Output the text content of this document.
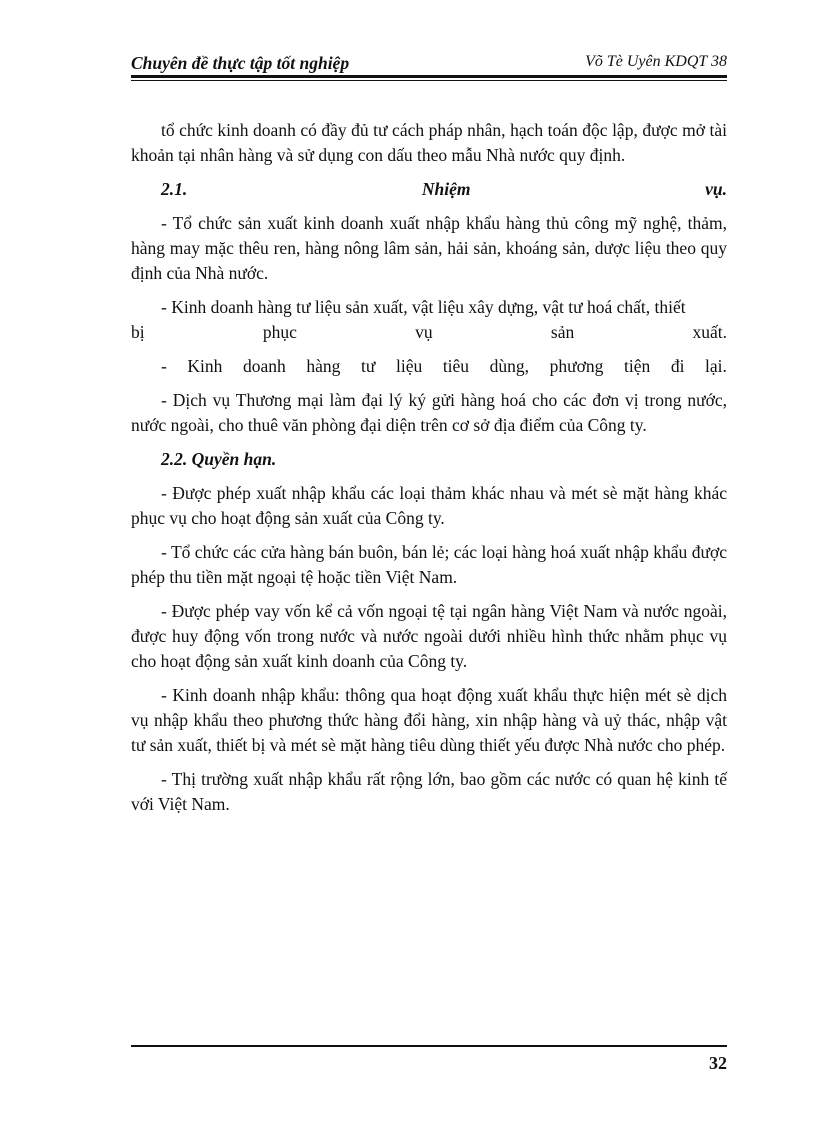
Chuyên đề thực tập tốt nghiệp	Võ Tè Uyên KDQT 38

tổ chức kinh doanh có đầy đủ tư cách pháp nhân, hạch toán độc lập, được mở tài khoản tại nhân hàng và sử dụng con dấu theo mẫu Nhà nước quy định.

2.1.	Nhiệm	vụ.

- Tổ chức sản xuất kinh doanh xuất nhập khẩu hàng thủ công mỹ nghệ, thảm, hàng may mặc thêu ren, hàng nông lâm sản, hải sản, khoáng sản, dược liệu theo quy định của Nhà nước.

- Kinh doanh hàng tư liệu sản xuất, vật liệu xây dựng, vật tư hoá chất, thiết
bị	phục	vụ	sản	xuất.
- Kinh doanh hàng tư liệu tiêu dùng, phương tiện đi lại.

- Dịch vụ Thương mại làm đại lý ký gửi hàng hoá cho các đơn vị trong nước, nước ngoài, cho thuê văn phòng đại diện trên cơ sở địa điểm của Công ty.

2.2. Quyền hạn.

- Được phép xuất nhập khẩu các loại thảm khác nhau và mét sè mặt hàng khác phục vụ cho hoạt động sản xuất của Công ty.

- Tổ chức các cửa hàng bán buôn, bán lẻ; các loại hàng hoá xuất nhập khẩu được phép thu tiền mặt ngoại tệ hoặc tiền Việt Nam.

- Được phép vay vốn kể cả vốn ngoại tệ tại ngân hàng Việt Nam và nước ngoài, được huy động vốn trong nước và nước ngoài dưới nhiều hình thức nhằm phục vụ cho hoạt động sản xuất kinh doanh của Công ty.

- Kinh doanh nhập khẩu: thông qua hoạt động xuất khẩu thực hiện mét sè dịch vụ nhập khẩu theo phương thức hàng đổi hàng, xin nhập hàng và uỷ thác, nhập vật tư sản xuất, thiết bị và mét sè mặt hàng tiêu dùng thiết yếu được Nhà nước cho phép.

- Thị trường xuất nhập khẩu rất rộng lớn, bao gồm các nước có quan hệ kinh tế với Việt Nam.

32
